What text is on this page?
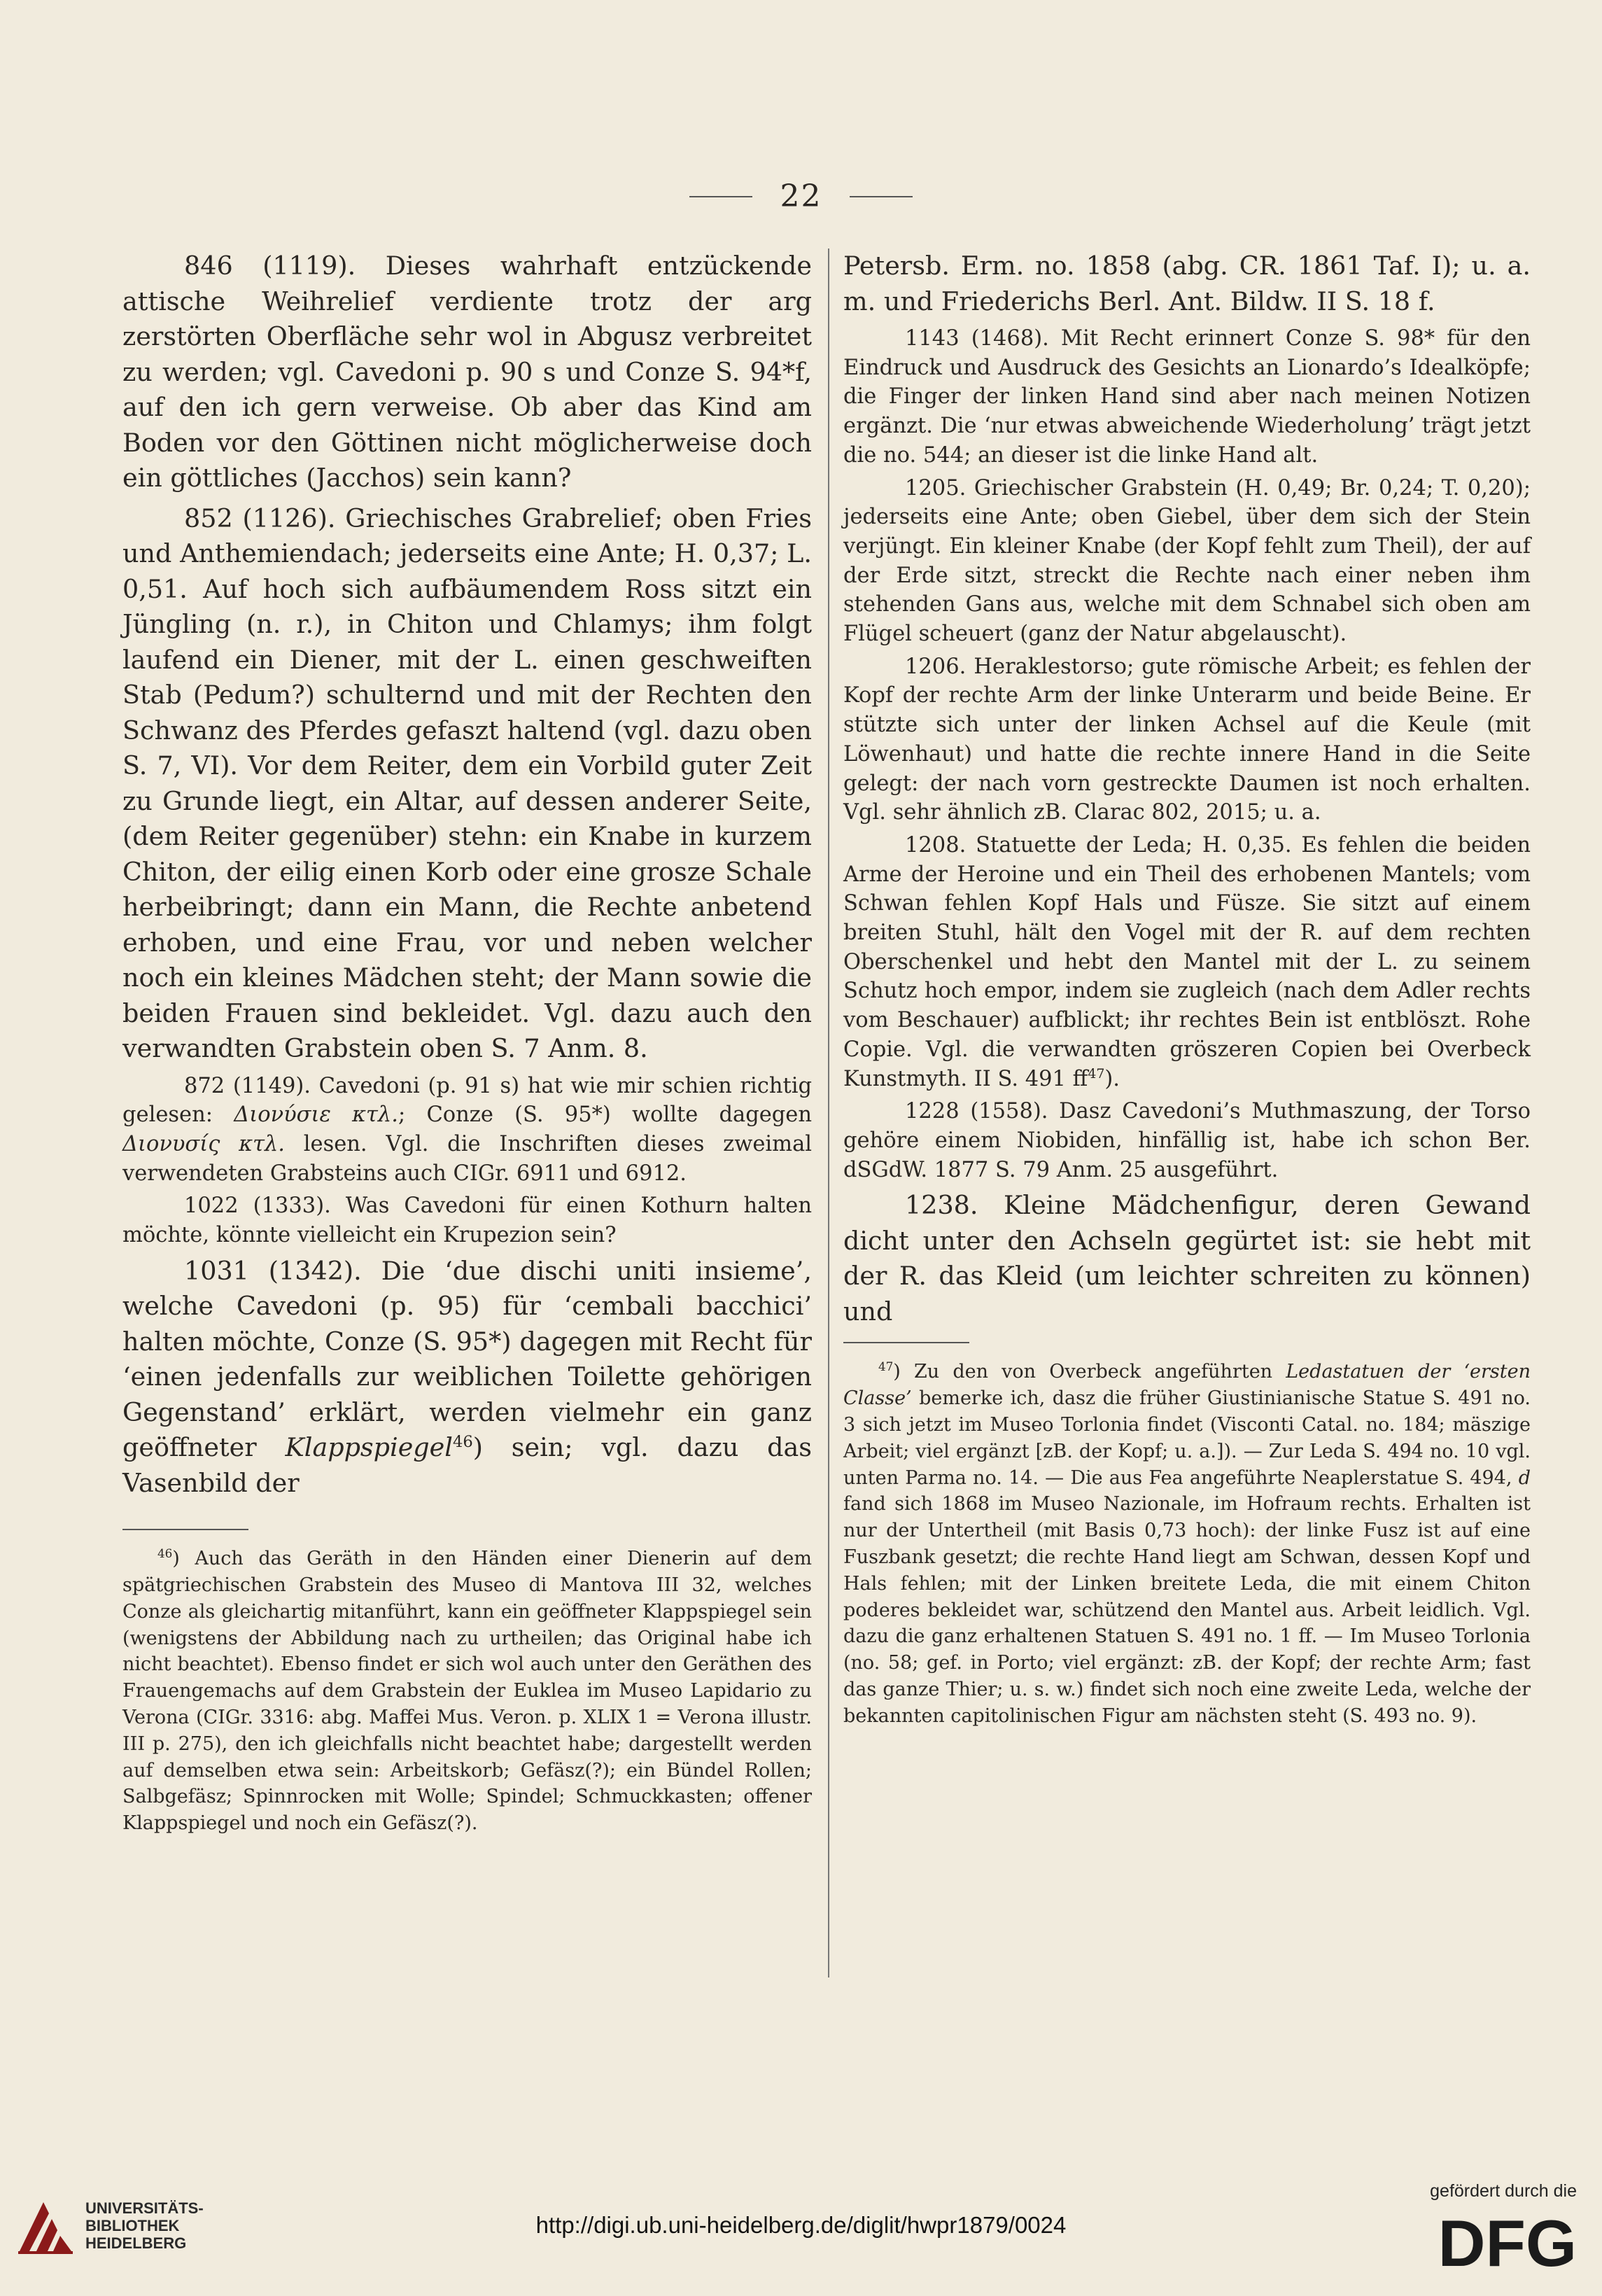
22

846 (1119). Dieses wahrhaft entzückende attische Weihrelief verdiente trotz der arg zerstörten Oberfläche sehr wol in Abgusz verbreitet zu werden; vgl. Cavedoni p. 90 s und Conze S. 94*f, auf den ich gern verweise. Ob aber das Kind am Boden vor den Göttinen nicht möglicherweise doch ein göttliches (Jacchos) sein kann?

852 (1126). Griechisches Grabrelief; oben Fries und Anthemiendach; jederseits eine Ante; H. 0,37; L. 0,51. Auf hoch sich aufbäumendem Ross sitzt ein Jüngling (n. r.), in Chiton und Chlamys; ihm folgt laufend ein Diener, mit der L. einen geschweiften Stab (Pedum?) schulternd und mit der Rechten den Schwanz des Pferdes gefaszt haltend (vgl. dazu oben S. 7, VI). Vor dem Reiter, dem ein Vorbild guter Zeit zu Grunde liegt, ein Altar, auf dessen anderer Seite, (dem Reiter gegenüber) stehn: ein Knabe in kurzem Chiton, der eilig einen Korb oder eine grosze Schale herbeibringt; dann ein Mann, die Rechte anbetend erhoben, und eine Frau, vor und neben welcher noch ein kleines Mädchen steht; der Mann sowie die beiden Frauen sind bekleidet. Vgl. dazu auch den verwandten Grabstein oben S. 7 Anm. 8.

872 (1149). Cavedoni (p. 91 s) hat wie mir schien richtig gelesen: Διονύσιε κτλ.; Conze (S. 95*) wollte dagegen Διονυσίς κτλ. lesen. Vgl. die Inschriften dieses zweimal verwendeten Grabsteins auch CIGr. 6911 und 6912.

1022 (1333). Was Cavedoni für einen Kothurn halten möchte, könnte vielleicht ein Krupezion sein?

1031 (1342). Die ‘due dischi uniti insieme’, welche Cavedoni (p. 95) für ‘cembali bacchici’ halten möchte, Conze (S. 95*) dagegen mit Recht für ‘einen jedenfalls zur weiblichen Toilette gehörigen Gegenstand’ erklärt, werden vielmehr ein ganz geöffneter Klappspiegel$^{46}$) sein; vgl. dazu das Vasenbild der

$^{46}$) Auch das Geräth in den Händen einer Dienerin auf dem spätgriechischen Grabstein des Museo di Mantova III 32, welches Conze als gleichartig mitanführt, kann ein geöffneter Klappspiegel sein (wenigstens der Abbildung nach zu urtheilen; das Original habe ich nicht beachtet). Ebenso findet er sich wol auch unter den Geräthen des Frauengemachs auf dem Grabstein der Euklea im Museo Lapidario zu Verona (CIGr. 3316: abg. Maffei Mus. Veron. p. XLIX 1 = Verona illustr. III p. 275), den ich gleichfalls nicht beachtet habe; dargestellt werden auf demselben etwa sein: Arbeitskorb; Gefäsz(?); ein Bündel Rollen; Salbgefäsz; Spinnrocken mit Wolle; Spindel; Schmuckkasten; offener Klappspiegel und noch ein Gefäsz(?).

Petersb. Erm. no. 1858 (abg. CR. 1861 Taf. I); u. a. m. und Friederichs Berl. Ant. Bildw. II S. 18 f.

1143 (1468). Mit Recht erinnert Conze S. 98* für den Eindruck und Ausdruck des Gesichts an Lionardo’s Idealköpfe; die Finger der linken Hand sind aber nach meinen Notizen ergänzt. Die ‘nur etwas abweichende Wiederholung’ trägt jetzt die no. 544; an dieser ist die linke Hand alt.

1205. Griechischer Grabstein (H. 0,49; Br. 0,24; T. 0,20); jederseits eine Ante; oben Giebel, über dem sich der Stein verjüngt. Ein kleiner Knabe (der Kopf fehlt zum Theil), der auf der Erde sitzt, streckt die Rechte nach einer neben ihm stehenden Gans aus, welche mit dem Schnabel sich oben am Flügel scheuert (ganz der Natur abgelauscht).

1206. Heraklestorso; gute römische Arbeit; es fehlen der Kopf der rechte Arm der linke Unterarm und beide Beine. Er stützte sich unter der linken Achsel auf die Keule (mit Löwenhaut) und hatte die rechte innere Hand in die Seite gelegt: der nach vorn gestreckte Daumen ist noch erhalten. Vgl. sehr ähnlich zB. Clarac 802, 2015; u. a.

1208. Statuette der Leda; H. 0,35. Es fehlen die beiden Arme der Heroine und ein Theil des erhobenen Mantels; vom Schwan fehlen Kopf Hals und Füsze. Sie sitzt auf einem breiten Stuhl, hält den Vogel mit der R. auf dem rechten Oberschenkel und hebt den Mantel mit der L. zu seinem Schutz hoch empor, indem sie zugleich (nach dem Adler rechts vom Beschauer) aufblickt; ihr rechtes Bein ist entblöszt. Rohe Copie. Vgl. die verwandten gröszeren Copien bei Overbeck Kunstmyth. II S. 491 $ff^{47}$).

1228 (1558). Dasz Cavedoni’s Muthmaszung, der Torso gehöre einem Niobiden, hinfällig ist, habe ich schon Ber. dSGdW. 1877 S. 79 Anm. 25 ausgeführt.

1238. Kleine Mädchenfigur, deren Gewand dicht unter den Achseln gegürtet ist: sie hebt mit der R. das Kleid (um leichter schreiten zu können) und

$^{47}$) Zu den von Overbeck angeführten Ledastatuen der ‘ersten Classe’ bemerke ich, dasz die früher Giustinianische Statue S. 491 no. 3 sich jetzt im Museo Torlonia findet (Visconti Catal. no. 184; mäszige Arbeit; viel ergänzt [zB. der Kopf; u. a.]). — Zur Leda S. 494 no. 10 vgl. unten Parma no. 14. — Die aus Fea angeführte Neaplerstatue S. 494, d fand sich 1868 im Museo Nazionale, im Hofraum rechts. Erhalten ist nur der Untertheil (mit Basis 0,73 hoch): der linke Fusz ist auf eine Fuszbank gesetzt; die rechte Hand liegt am Schwan, dessen Kopf und Hals fehlen; mit der Linken breitete Leda, die mit einem Chiton poderes bekleidet war, schützend den Mantel aus. Arbeit leidlich. Vgl. dazu die ganz erhaltenen Statuen S. 491 no. 1 ff. — Im Museo Torlonia (no. 58; gef. in Porto; viel ergänzt: zB. der Kopf; der rechte Arm; fast das ganze Thier; u. s. w.) findet sich noch eine zweite Leda, welche der bekannten capitolinischen Figur am nächsten steht (S. 493 no. 9).

UNIVERSITÄTS-
BIBLIOTHEK
HEIDELBERG
http://digi.ub.uni-heidelberg.de/diglit/hwpr1879/0024
gefördert durch die
DFG
